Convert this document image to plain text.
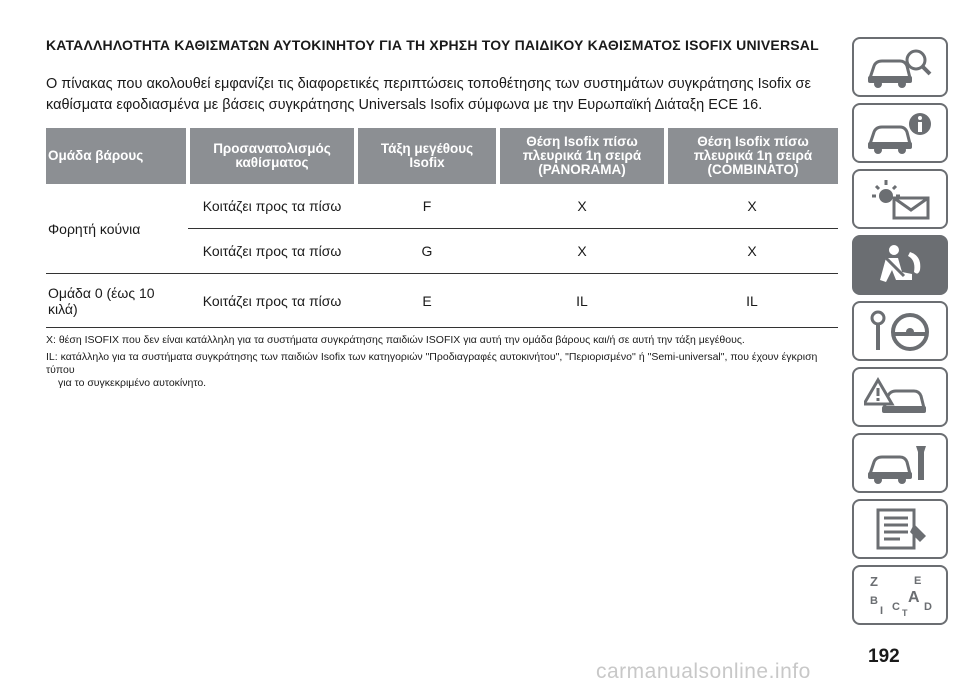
ΚΑΤΑΛΛΗΛΟΤΗΤΑ ΚΑΘΙΣΜΑΤΩΝ ΑΥΤΟΚΙΝΗΤΟΥ ΓΙΑ ΤΗ ΧΡΗΣΗ ΤΟΥ ΠΑΙΔΙΚΟΥ ΚΑΘΙΣΜΑΤΟΣ ISOFIX UNIVERSAL
Ο πίνακας που ακολουθεί εμφανίζει τις διαφορετικές περιπτώσεις τοποθέτησης των συστημάτων συγκράτησης Isofix σε καθίσματα εφοδιασμένα με βάσεις συγκράτησης Universals Isofix σύμφωνα με την Ευρωπαϊκή Διάταξη ECE 16.
Ομάδα βάρους	Προσανατολισμός καθίσματος	Τάξη μεγέθους Isofix	Θέση Isofix πίσω πλευρικά 1η σειρά (PANORAMA)	Θέση Isofix πίσω πλευρικά 1η σειρά (COMBINATO)
Φορητή κούνια	Κοιτάζει προς τα πίσω	F	X	X
	Κοιτάζει προς τα πίσω	G	X	X
Ομάδα 0 (έως 10 κιλά)	Κοιτάζει προς τα πίσω	E	IL	IL

X: θέση ISOFIX που δεν είναι κατάλληλη για τα συστήματα συγκράτησης παιδιών ISOFIX για αυτή την ομάδα βάρους και/ή σε αυτή την τάξη μεγέθους.

IL: κατάλληλο για τα συστήματα συγκράτησης των παιδιών Isofix των κατηγοριών "Προδιαγραφές αυτοκινήτου", "Περιορισμένο'' ή "Semi-universal", που έχουν έγκριση τύπου

για το συγκεκριμένο αυτοκίνητο.

Z	E
B A
I C T D
192
carmanualsonline.info
